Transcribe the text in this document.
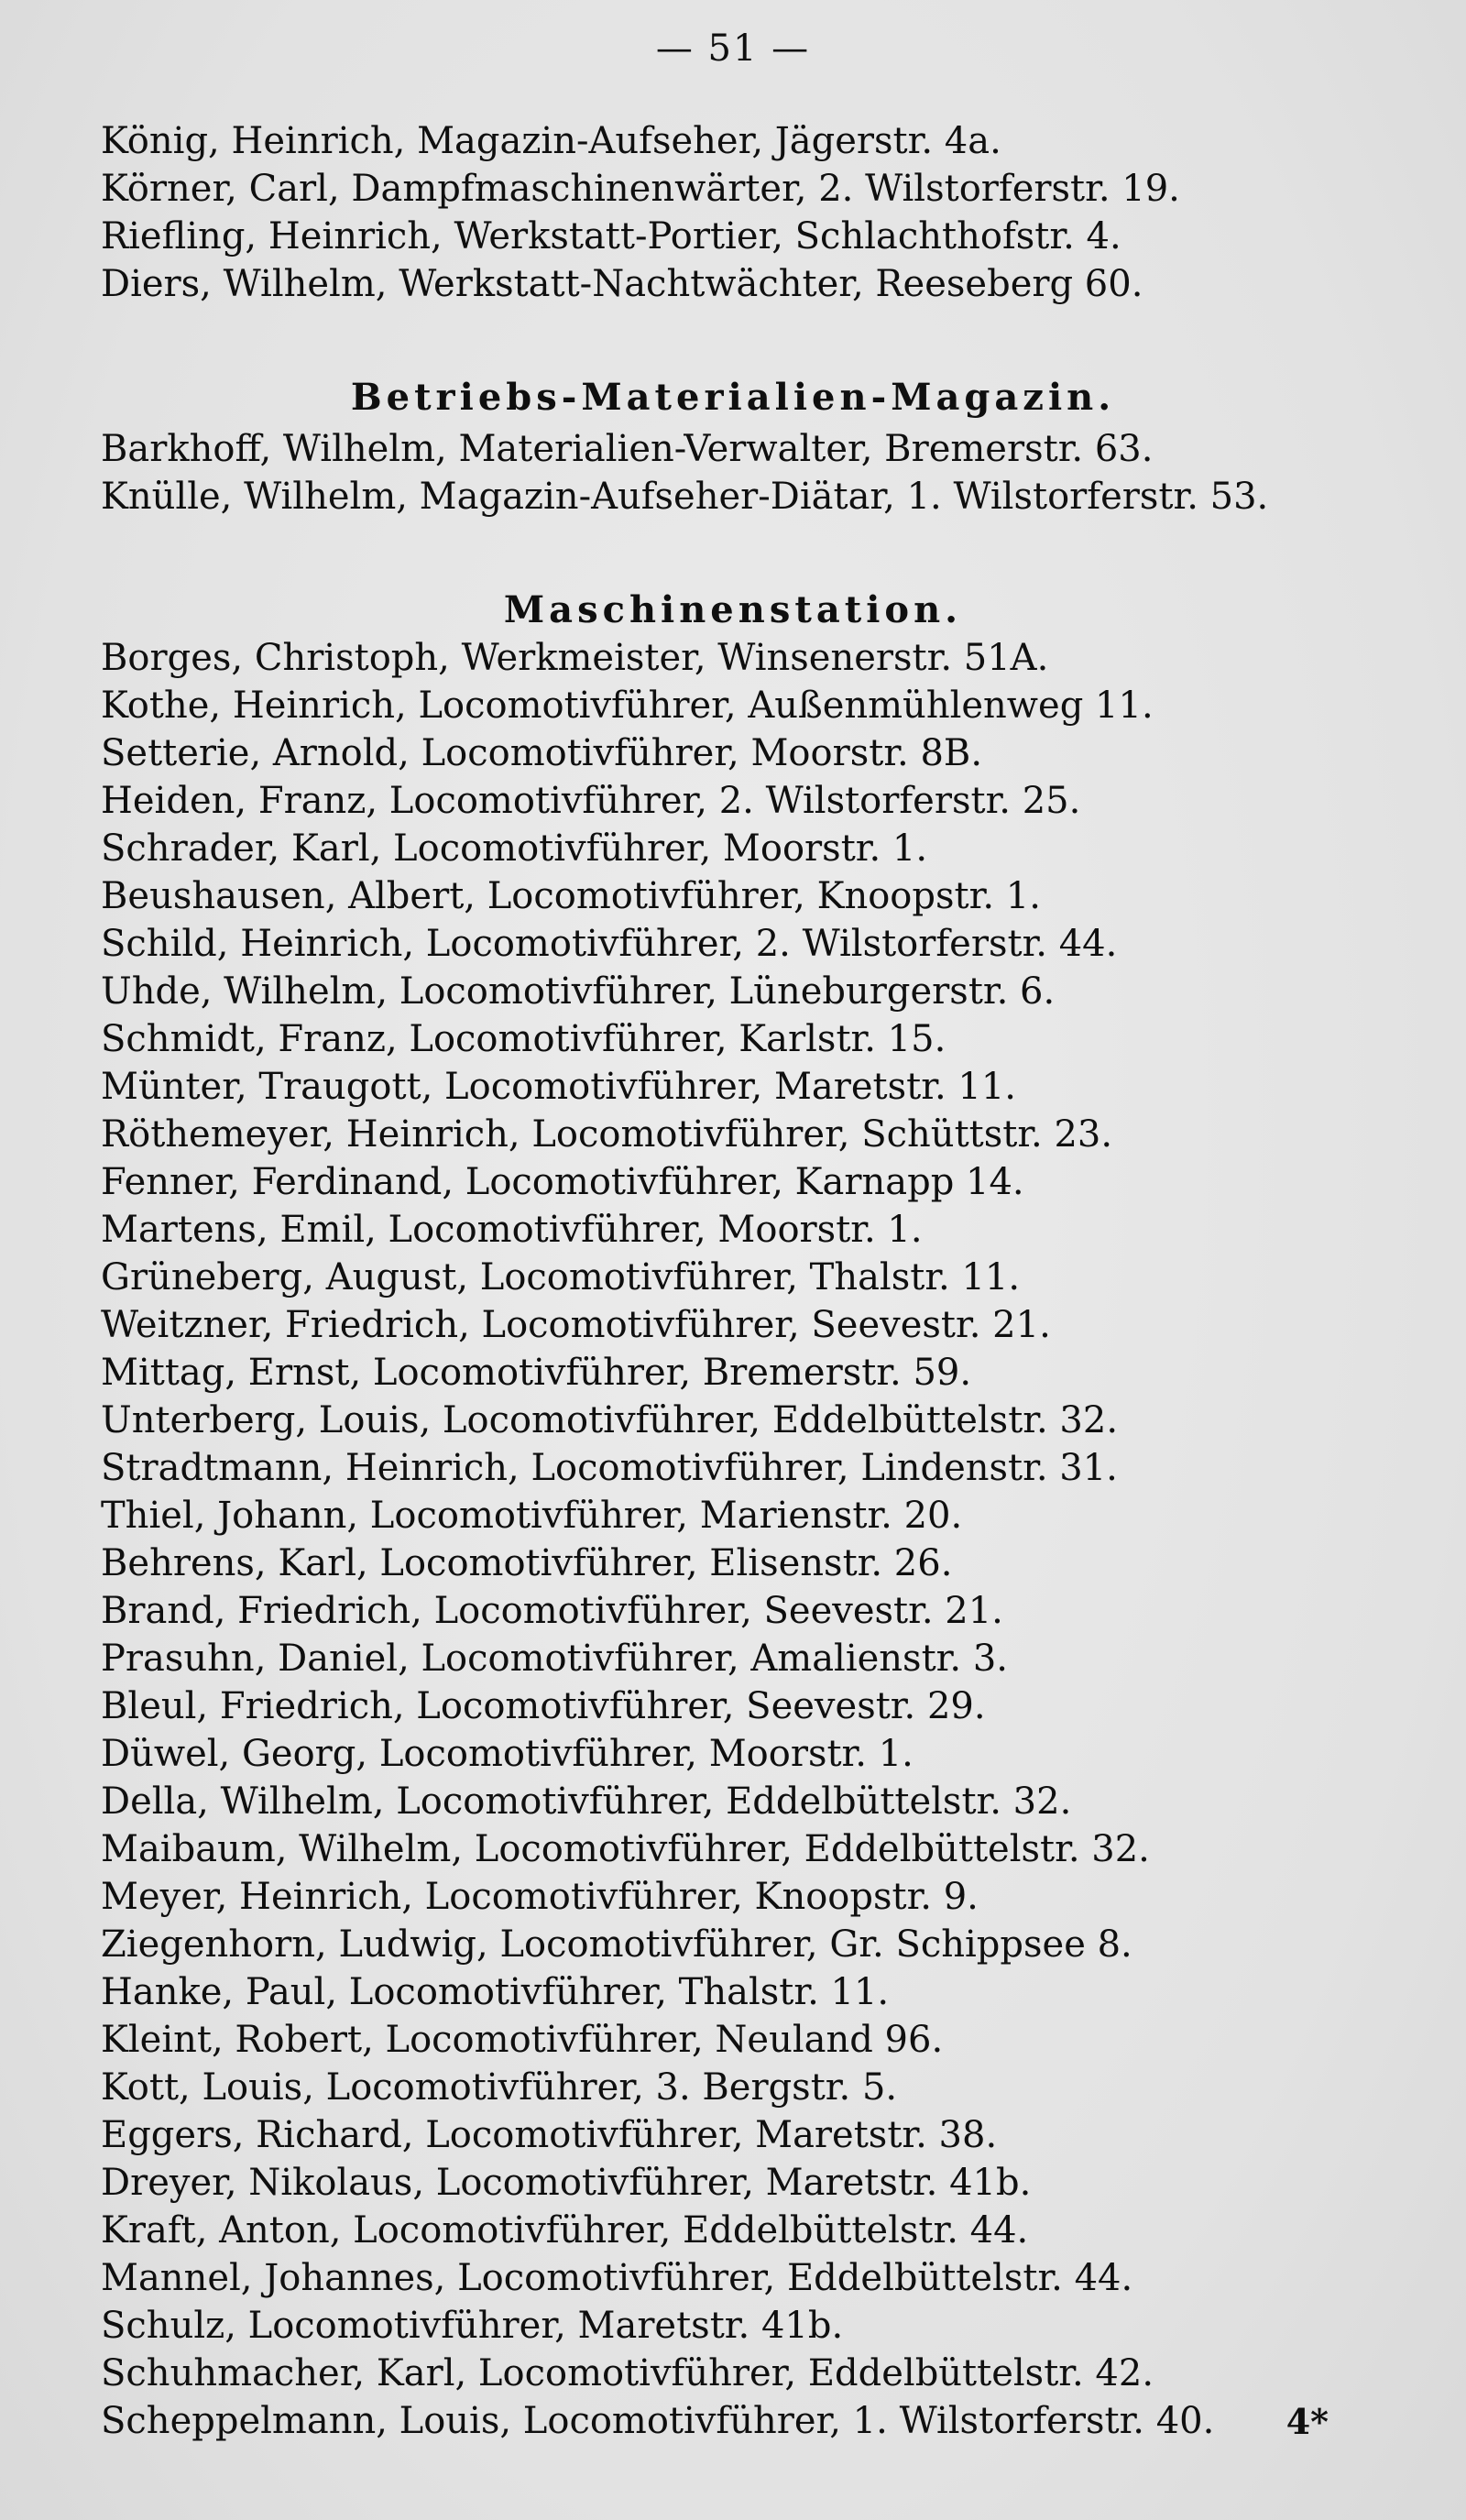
— 51 —
König, Heinrich, Magazin-Aufseher, Jägerstr. 4a.
Körner, Carl, Dampfmaschinenwärter, 2. Wilstorferstr. 19.
Riefling, Heinrich, Werkstatt-Portier, Schlachthofstr. 4.
Diers, Wilhelm, Werkstatt-Nachtwächter, Reeseberg 60.
Betriebs-Materialien-Magazin.
Barkhoff, Wilhelm, Materialien-Verwalter, Bremerstr. 63.
Knülle, Wilhelm, Magazin-Aufseher-Diätar, 1. Wilstorferstr. 53.
Maschinenstation.
Borges, Christoph, Werkmeister, Winsenerstr. 51A.
Kothe, Heinrich, Locomotivführer, Außenmühlenweg 11.
Setterie, Arnold, Locomotivführer, Moorstr. 8B.
Heiden, Franz, Locomotivführer, 2. Wilstorferstr. 25.
Schrader, Karl, Locomotivführer, Moorstr. 1.
Beushausen, Albert, Locomotivführer, Knoopstr. 1.
Schild, Heinrich, Locomotivführer, 2. Wilstorferstr. 44.
Uhde, Wilhelm, Locomotivführer, Lüneburgerstr. 6.
Schmidt, Franz, Locomotivführer, Karlstr. 15.
Münter, Traugott, Locomotivführer, Maretstr. 11.
Röthemeyer, Heinrich, Locomotivführer, Schüttstr. 23.
Fenner, Ferdinand, Locomotivführer, Karnapp 14.
Martens, Emil, Locomotivführer, Moorstr. 1.
Grüneberg, August, Locomotivführer, Thalstr. 11.
Weitzner, Friedrich, Locomotivführer, Seevestr. 21.
Mittag, Ernst, Locomotivführer, Bremerstr. 59.
Unterberg, Louis, Locomotivführer, Eddelbüttelstr. 32.
Stradtmann, Heinrich, Locomotivführer, Lindenstr. 31.
Thiel, Johann, Locomotivführer, Marienstr. 20.
Behrens, Karl, Locomotivführer, Elisenstr. 26.
Brand, Friedrich, Locomotivführer, Seevestr. 21.
Prasuhn, Daniel, Locomotivführer, Amalienstr. 3.
Bleul, Friedrich, Locomotivführer, Seevestr. 29.
Düwel, Georg, Locomotivführer, Moorstr. 1.
Della, Wilhelm, Locomotivführer, Eddelbüttelstr. 32.
Maibaum, Wilhelm, Locomotivführer, Eddelbüttelstr. 32.
Meyer, Heinrich, Locomotivführer, Knoopstr. 9.
Ziegenhorn, Ludwig, Locomotivführer, Gr. Schippsee 8.
Hanke, Paul, Locomotivführer, Thalstr. 11.
Kleint, Robert, Locomotivführer, Neuland 96.
Kott, Louis, Locomotivführer, 3. Bergstr. 5.
Eggers, Richard, Locomotivführer, Maretstr. 38.
Dreyer, Nikolaus, Locomotivführer, Maretstr. 41b.
Kraft, Anton, Locomotivführer, Eddelbüttelstr. 44.
Mannel, Johannes, Locomotivführer, Eddelbüttelstr. 44.
Schulz, Locomotivführer, Maretstr. 41b.
Schuhmacher, Karl, Locomotivführer, Eddelbüttelstr. 42.
Scheppelmann, Louis, Locomotivführer, 1. Wilstorferstr. 40.	4*
